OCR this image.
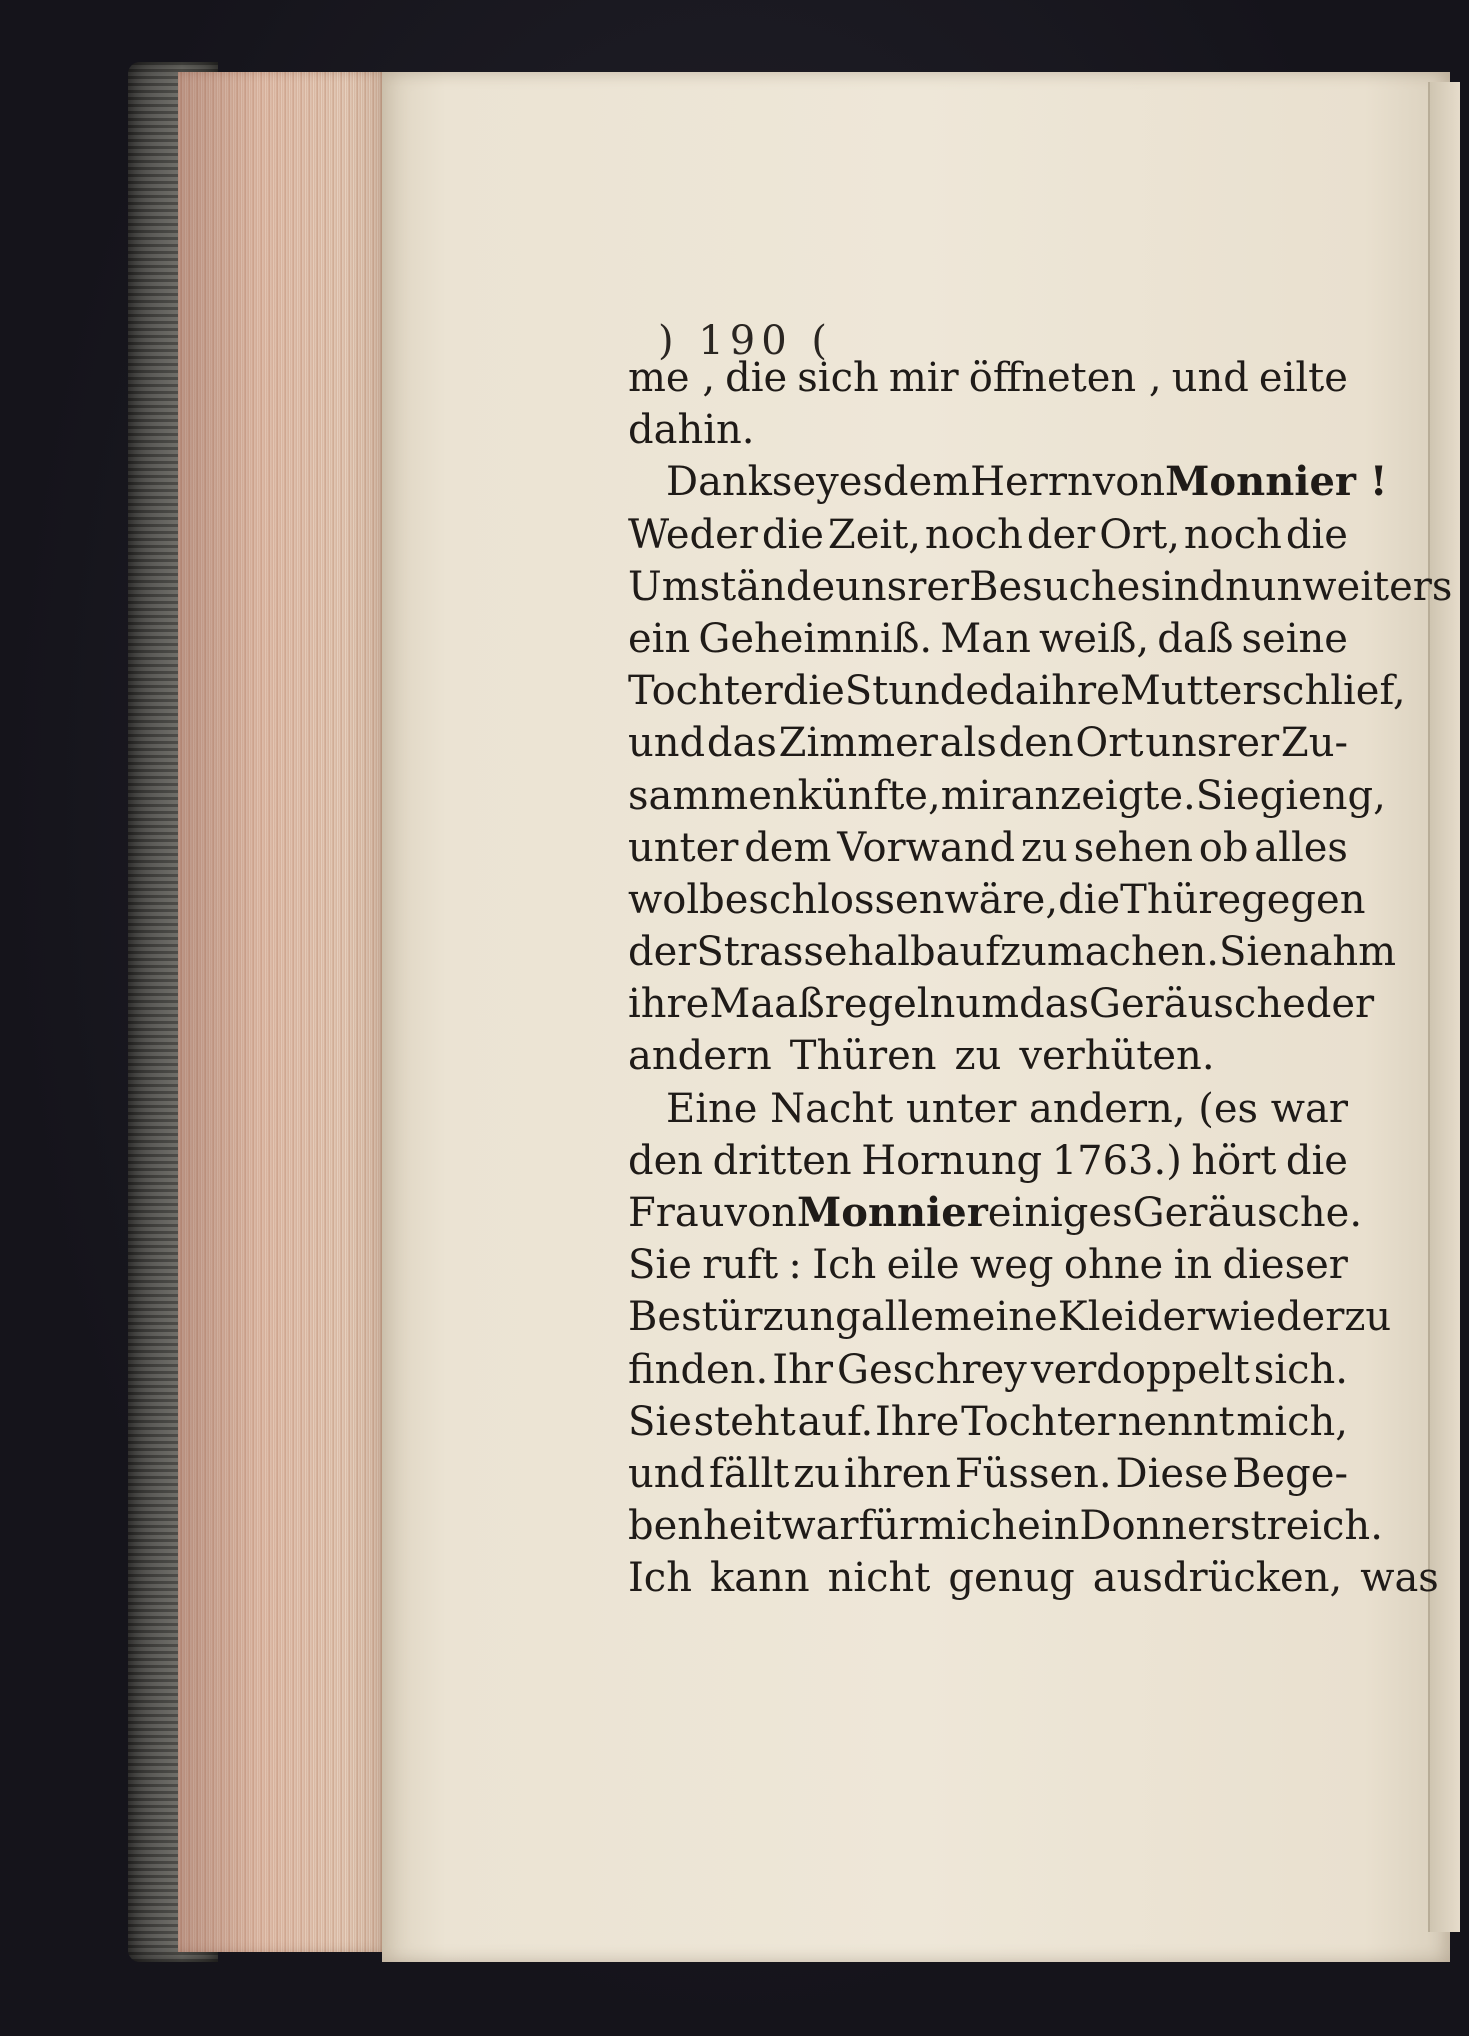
) 190 (
me , die sich mir öffneten , und eilte
dahin.
Dank sey es dem Herrn von Monnier !
Weder die Zeit, noch der Ort, noch die
Umstände unsrer Besuche sind nun weiters
ein Geheimniß. Man weiß, daß seine
Tochter die Stunde da ihre Mutter schlief,
und das Zimmer als den Ort unsrer Zu-
sammenkünfte, mir anzeigte. Sie gieng,
unter dem Vorwand zu sehen ob alles
wol beschlossen wäre, die Thüre gegen
der Strasse halb aufzumachen. Sie nahm
ihre Maaßregeln um das Geräusche der
andern Thüren zu verhüten.
Eine Nacht unter andern, (es war
den dritten Hornung 1763.) hört die
Frau von Monnier einiges Geräusche.
Sie ruft : Ich eile weg ohne in dieser
Bestürzung alle meine Kleider wieder zu
finden. Ihr Geschrey verdoppelt sich.
Sie steht auf. Ihre Tochter nennt mich,
und fällt zu ihren Füssen. Diese Bege-
benheit war für mich ein Donnerstreich.
Ich kann nicht genug ausdrücken, was
